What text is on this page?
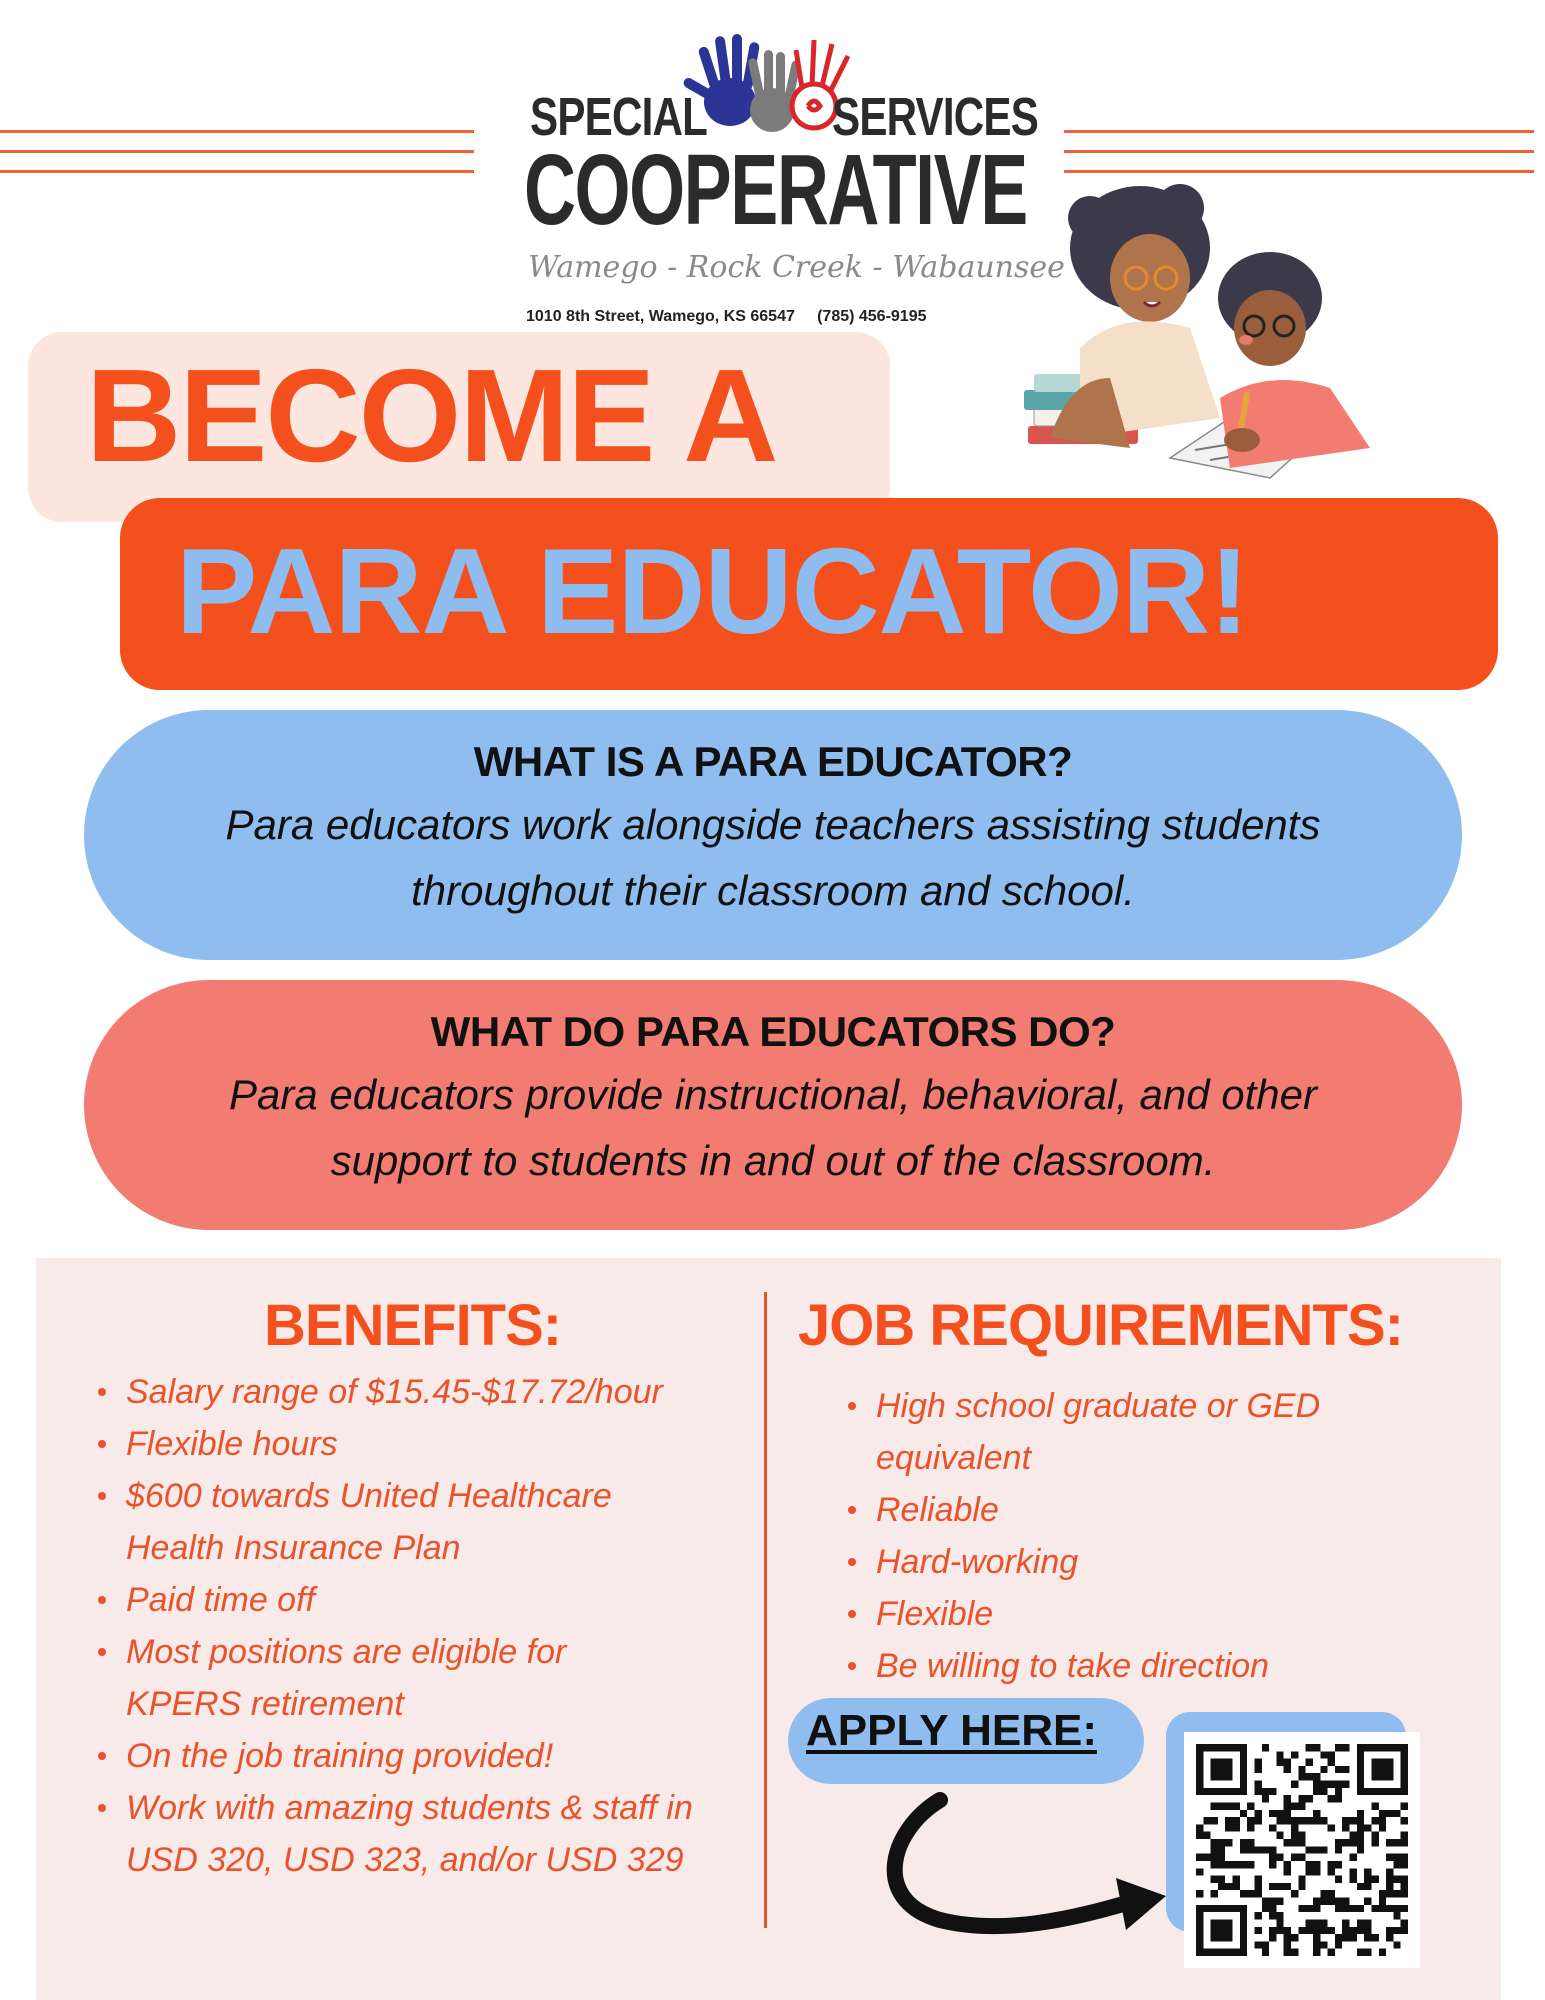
SPECIAL SERVICES
COOPERATIVE
Wamego - Rock Creek - Wabaunsee
1010 8th Street, Wamego, KS 66547     (785) 456-9195
BECOME A
PARA EDUCATOR!
WHAT IS A PARA EDUCATOR?

Para educators work alongside teachers assisting students throughout their classroom and school.

WHAT DO PARA EDUCATORS DO?

Para educators provide instructional, behavioral, and other support to students in and out of the classroom.

BENEFITS:
Salary range of $15.45-$17.72/hour
Flexible hours
$600 towards United Healthcare Health Insurance Plan
Paid time off
Most positions are eligible for KPERS retirement
On the job training provided!
Work with amazing students & staff in USD 320, USD 323, and/or USD 329
JOB REQUIREMENTS:
High school graduate or GED equivalent
Reliable
Hard-working
Flexible
Be willing to take direction
APPLY HERE:
